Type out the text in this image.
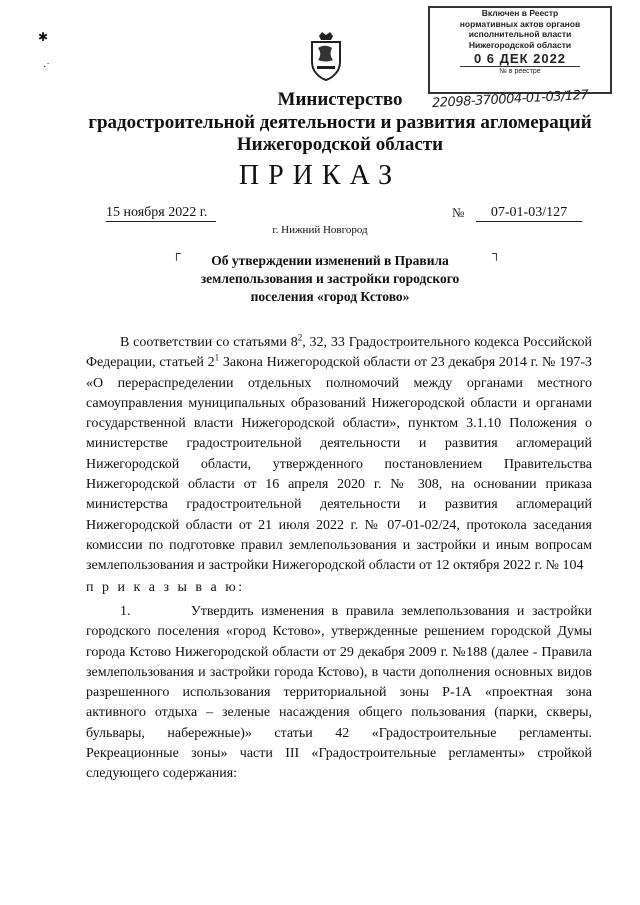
✱
·˙
Включен в Реестр
нормативных актов органов
исполнительной власти
Нижегородской области
0 6 ДЕК 2022
№ в реестре
22098-370004-01-03/127
Министерство
градостроительной деятельности и развития агломераций
Нижегородской области
ПРИКАЗ
15 ноября 2022 г.	№	07-01-03/127
г. Нижний Новгород
┌	┐
Об утверждении изменений в Правила
землепользования и застройки городского
поселения «город Кстово»

В соответствии со статьями $8^2$, 32, 33 Градостроительного кодекса Российской Федерации, статьей $2^1$ Закона Нижегородской области от 23 декабря 2014 г. № 197-З «О перераспределении отдельных полномочий между органами местного самоуправления муниципальных образований Нижегородской области и органами государственной власти Нижегородской области», пунктом 3.1.10 Положения о министерстве градостроительной деятельности и развития агломераций Нижегородской области, утвержденного постановлением Правительства Нижегородской области от 16 апреля 2020 г. № 308, на основании приказа министерства градостроительной деятельности и развития агломераций Нижегородской области от 21 июля 2022 г. № 07-01-02/24, протокола заседания комиссии по подготовке правил землепользования и застройки и иным вопросам землепользования и застройки Нижегородской области от 12 октября 2022 г. № 104

п р и к а з ы в а ю:

1.        Утвердить изменения в правила землепользования и застройки городского поселения «город Кстово», утвержденные решением городской Думы города Кстово Нижегородской области от 29 декабря 2009 г. №188 (далее - Правила землепользования и застройки города Кстово), в части дополнения основных видов разрешенного использования территориальной зоны Р-1А «проектная зона активного отдыха – зеленые насаждения общего пользования (парки, скверы, бульвары, набережные)» статьи 42 «Градостроительные регламенты. Рекреационные зоны» части III «Градостроительные регламенты» стройкой следующего содержания:
